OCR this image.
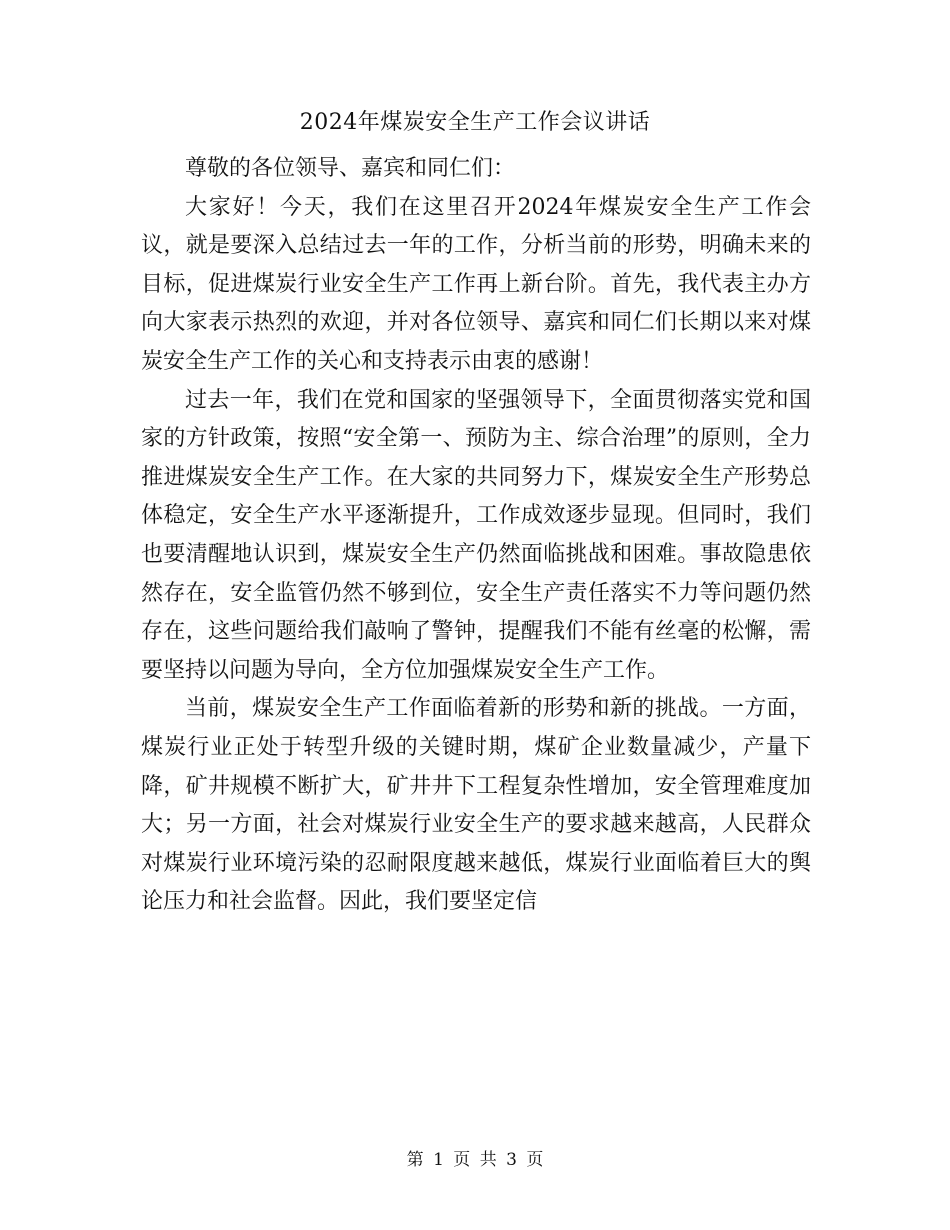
2024年煤炭安全生产工作会议讲话

尊敬的各位领导、嘉宾和同仁们：

大家好！今天，我们在这里召开2024年煤炭安全生产工作会议，就是要深入总结过去一年的工作，分析当前的形势，明确未来的目标，促进煤炭行业安全生产工作再上新台阶。首先，我代表主办方向大家表示热烈的欢迎，并对各位领导、嘉宾和同仁们长期以来对煤炭安全生产工作的关心和支持表示由衷的感谢！

过去一年，我们在党和国家的坚强领导下，全面贯彻落实党和国家的方针政策，按照“安全第一、预防为主、综合治理”的原则，全力推进煤炭安全生产工作。在大家的共同努力下，煤炭安全生产形势总体稳定，安全生产水平逐渐提升，工作成效逐步显现。但同时，我们也要清醒地认识到，煤炭安全生产仍然面临挑战和困难。事故隐患依然存在，安全监管仍然不够到位，安全生产责任落实不力等问题仍然存在，这些问题给我们敲响了警钟，提醒我们不能有丝毫的松懈，需要坚持以问题为导向，全方位加强煤炭安全生产工作。

当前，煤炭安全生产工作面临着新的形势和新的挑战。一方面，煤炭行业正处于转型升级的关键时期，煤矿企业数量减少，产量下降，矿井规模不断扩大，矿井井下工程复杂性增加，安全管理难度加大；另一方面，社会对煤炭行业安全生产的要求越来越高，人民群众对煤炭行业环境污染的忍耐限度越来越低，煤炭行业面临着巨大的舆论压力和社会监督。因此，我们要坚定信

第 1 页 共 3 页
